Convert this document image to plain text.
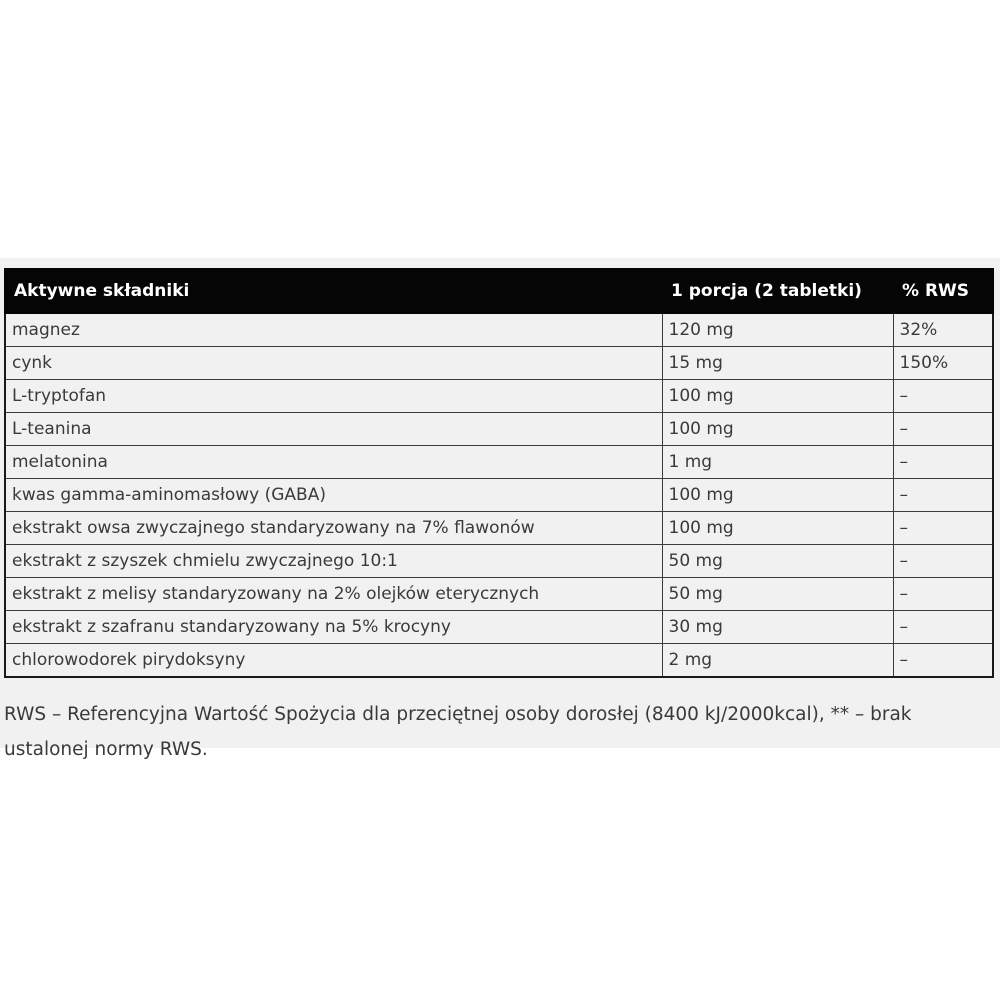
Aktywne składniki	1 porcja (2 tabletki)	% RWS
magnez	120 mg	32%
cynk	15 mg	150%
L-tryptofan	100 mg	–
L-teanina	100 mg	–
melatonina	1 mg	–
kwas gamma-aminomasłowy (GABA)	100 mg	–
ekstrakt owsa zwyczajnego standaryzowany na 7% flawonów	100 mg	–
ekstrakt z szyszek chmielu zwyczajnego 10:1	50 mg	–
ekstrakt z melisy standaryzowany na 2% olejków eterycznych	50 mg	–
ekstrakt z szafranu standaryzowany na 5% krocyny	30 mg	–
chlorowodorek pirydoksyny	2 mg	–

RWS – Referencyjna Wartość Spożycia dla przeciętnej osoby dorosłej (8400 kJ/2000kcal), ** – brak ustalonej normy RWS.
